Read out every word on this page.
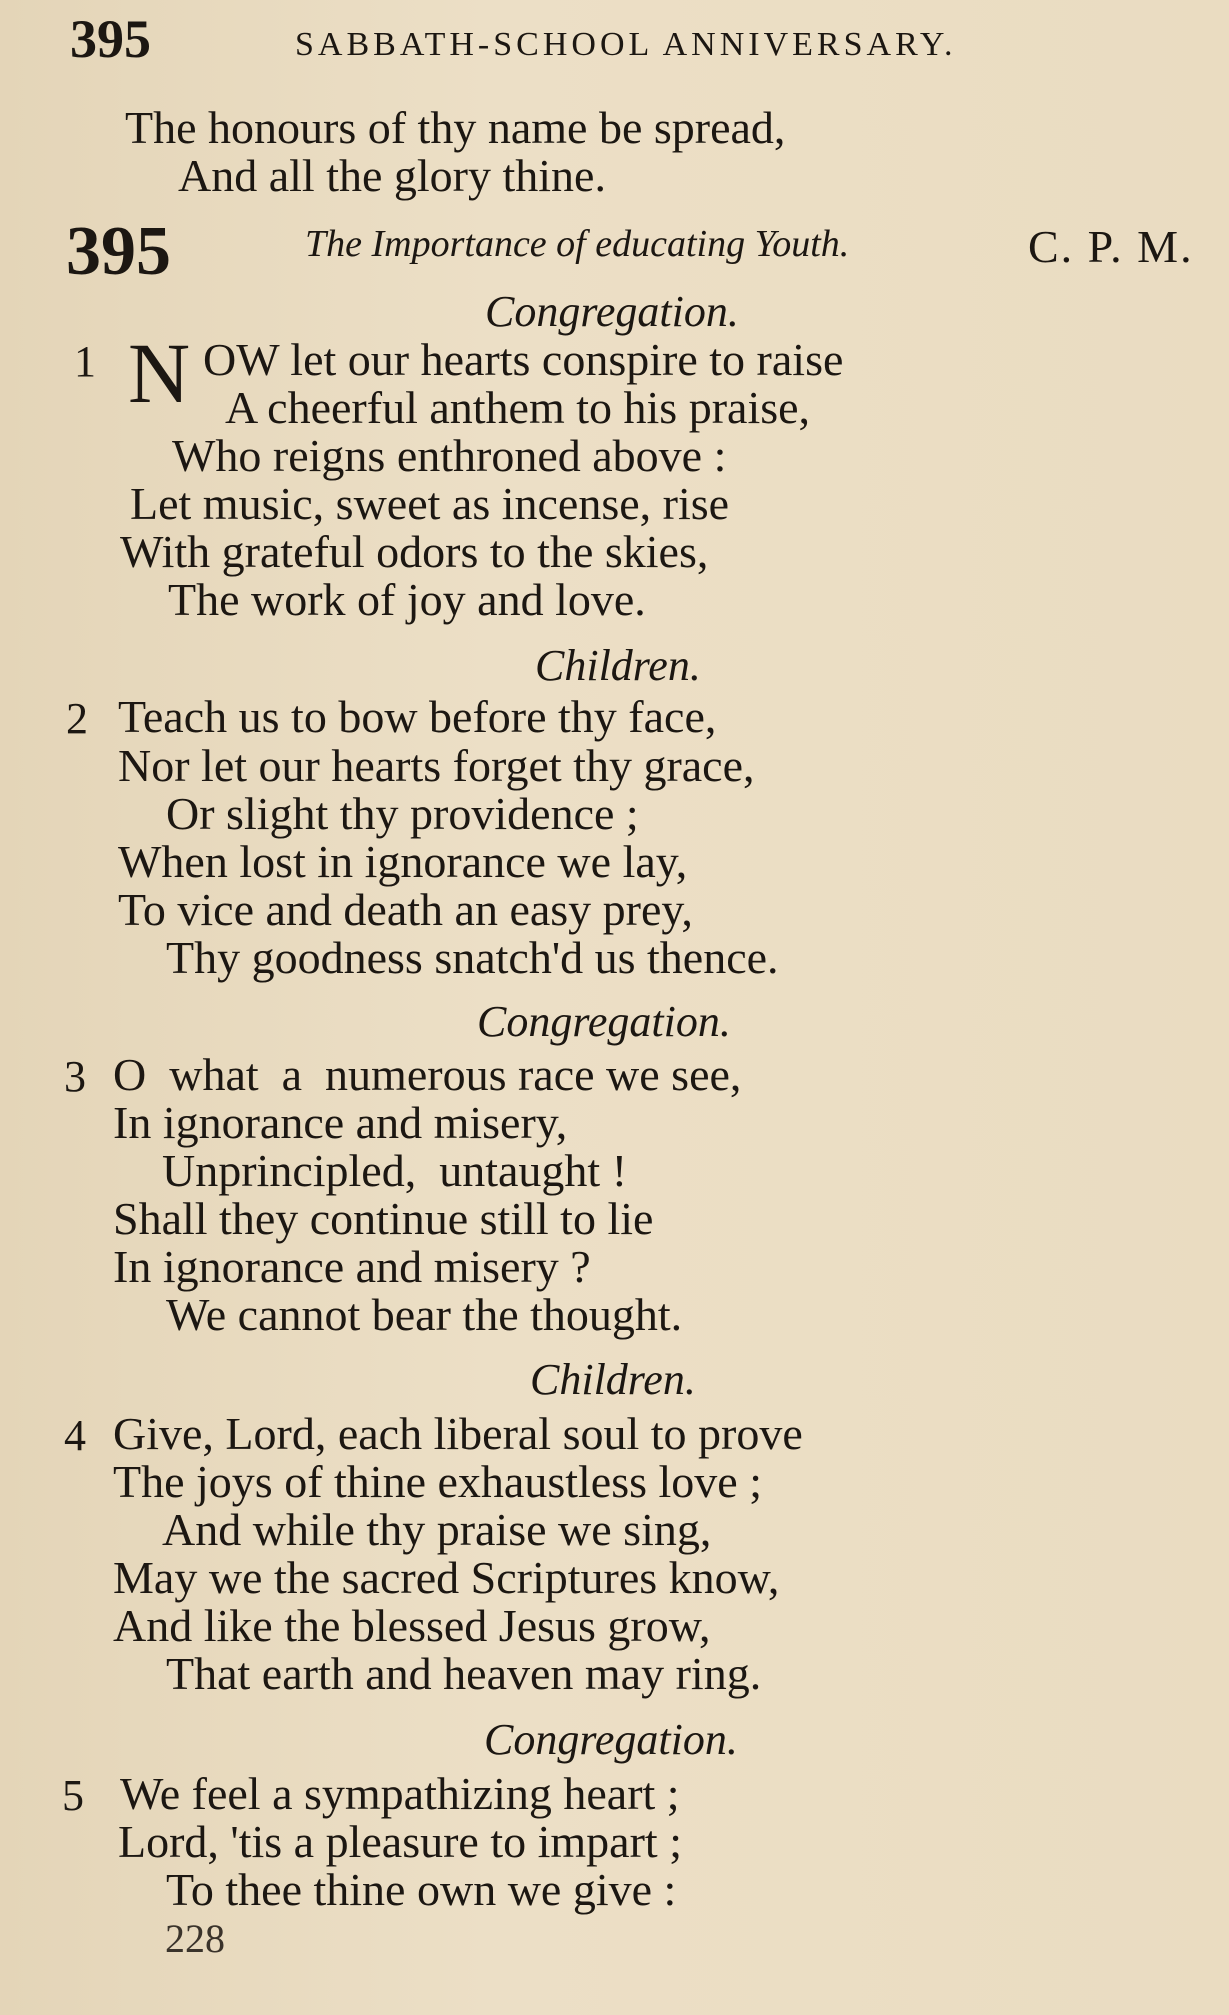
395	SABBATH-SCHOOL ANNIVERSARY.
The honours of thy name be spread,
And all the glory thine.
395	The Importance of educating Youth.	C. P. M.
Congregation.
1 N OW let our hearts conspire to raise
A cheerful anthem to his praise,
Who reigns enthroned above :
Let music, sweet as incense, rise
With grateful odors to the skies,
The work of joy and love.
Children.
2 Teach us to bow before thy face,
Nor let our hearts forget thy grace,
Or slight thy providence ;
When lost in ignorance we lay,
To vice and death an easy prey,
Thy goodness snatch'd us thence.
Congregation.
3 O  what  a  numerous race we see,
In ignorance and misery,
Unprincipled,  untaught !
Shall they continue still to lie
In ignorance and misery ?
We cannot bear the thought.
Children.
4 Give, Lord, each liberal soul to prove
The joys of thine exhaustless love ;
And while thy praise we sing,
May we the sacred Scriptures know,
And like the blessed Jesus grow,
That earth and heaven may ring.
Congregation.
5 We feel a sympathizing heart ;
Lord, 'tis a pleasure to impart ;
To thee thine own we give :
228
